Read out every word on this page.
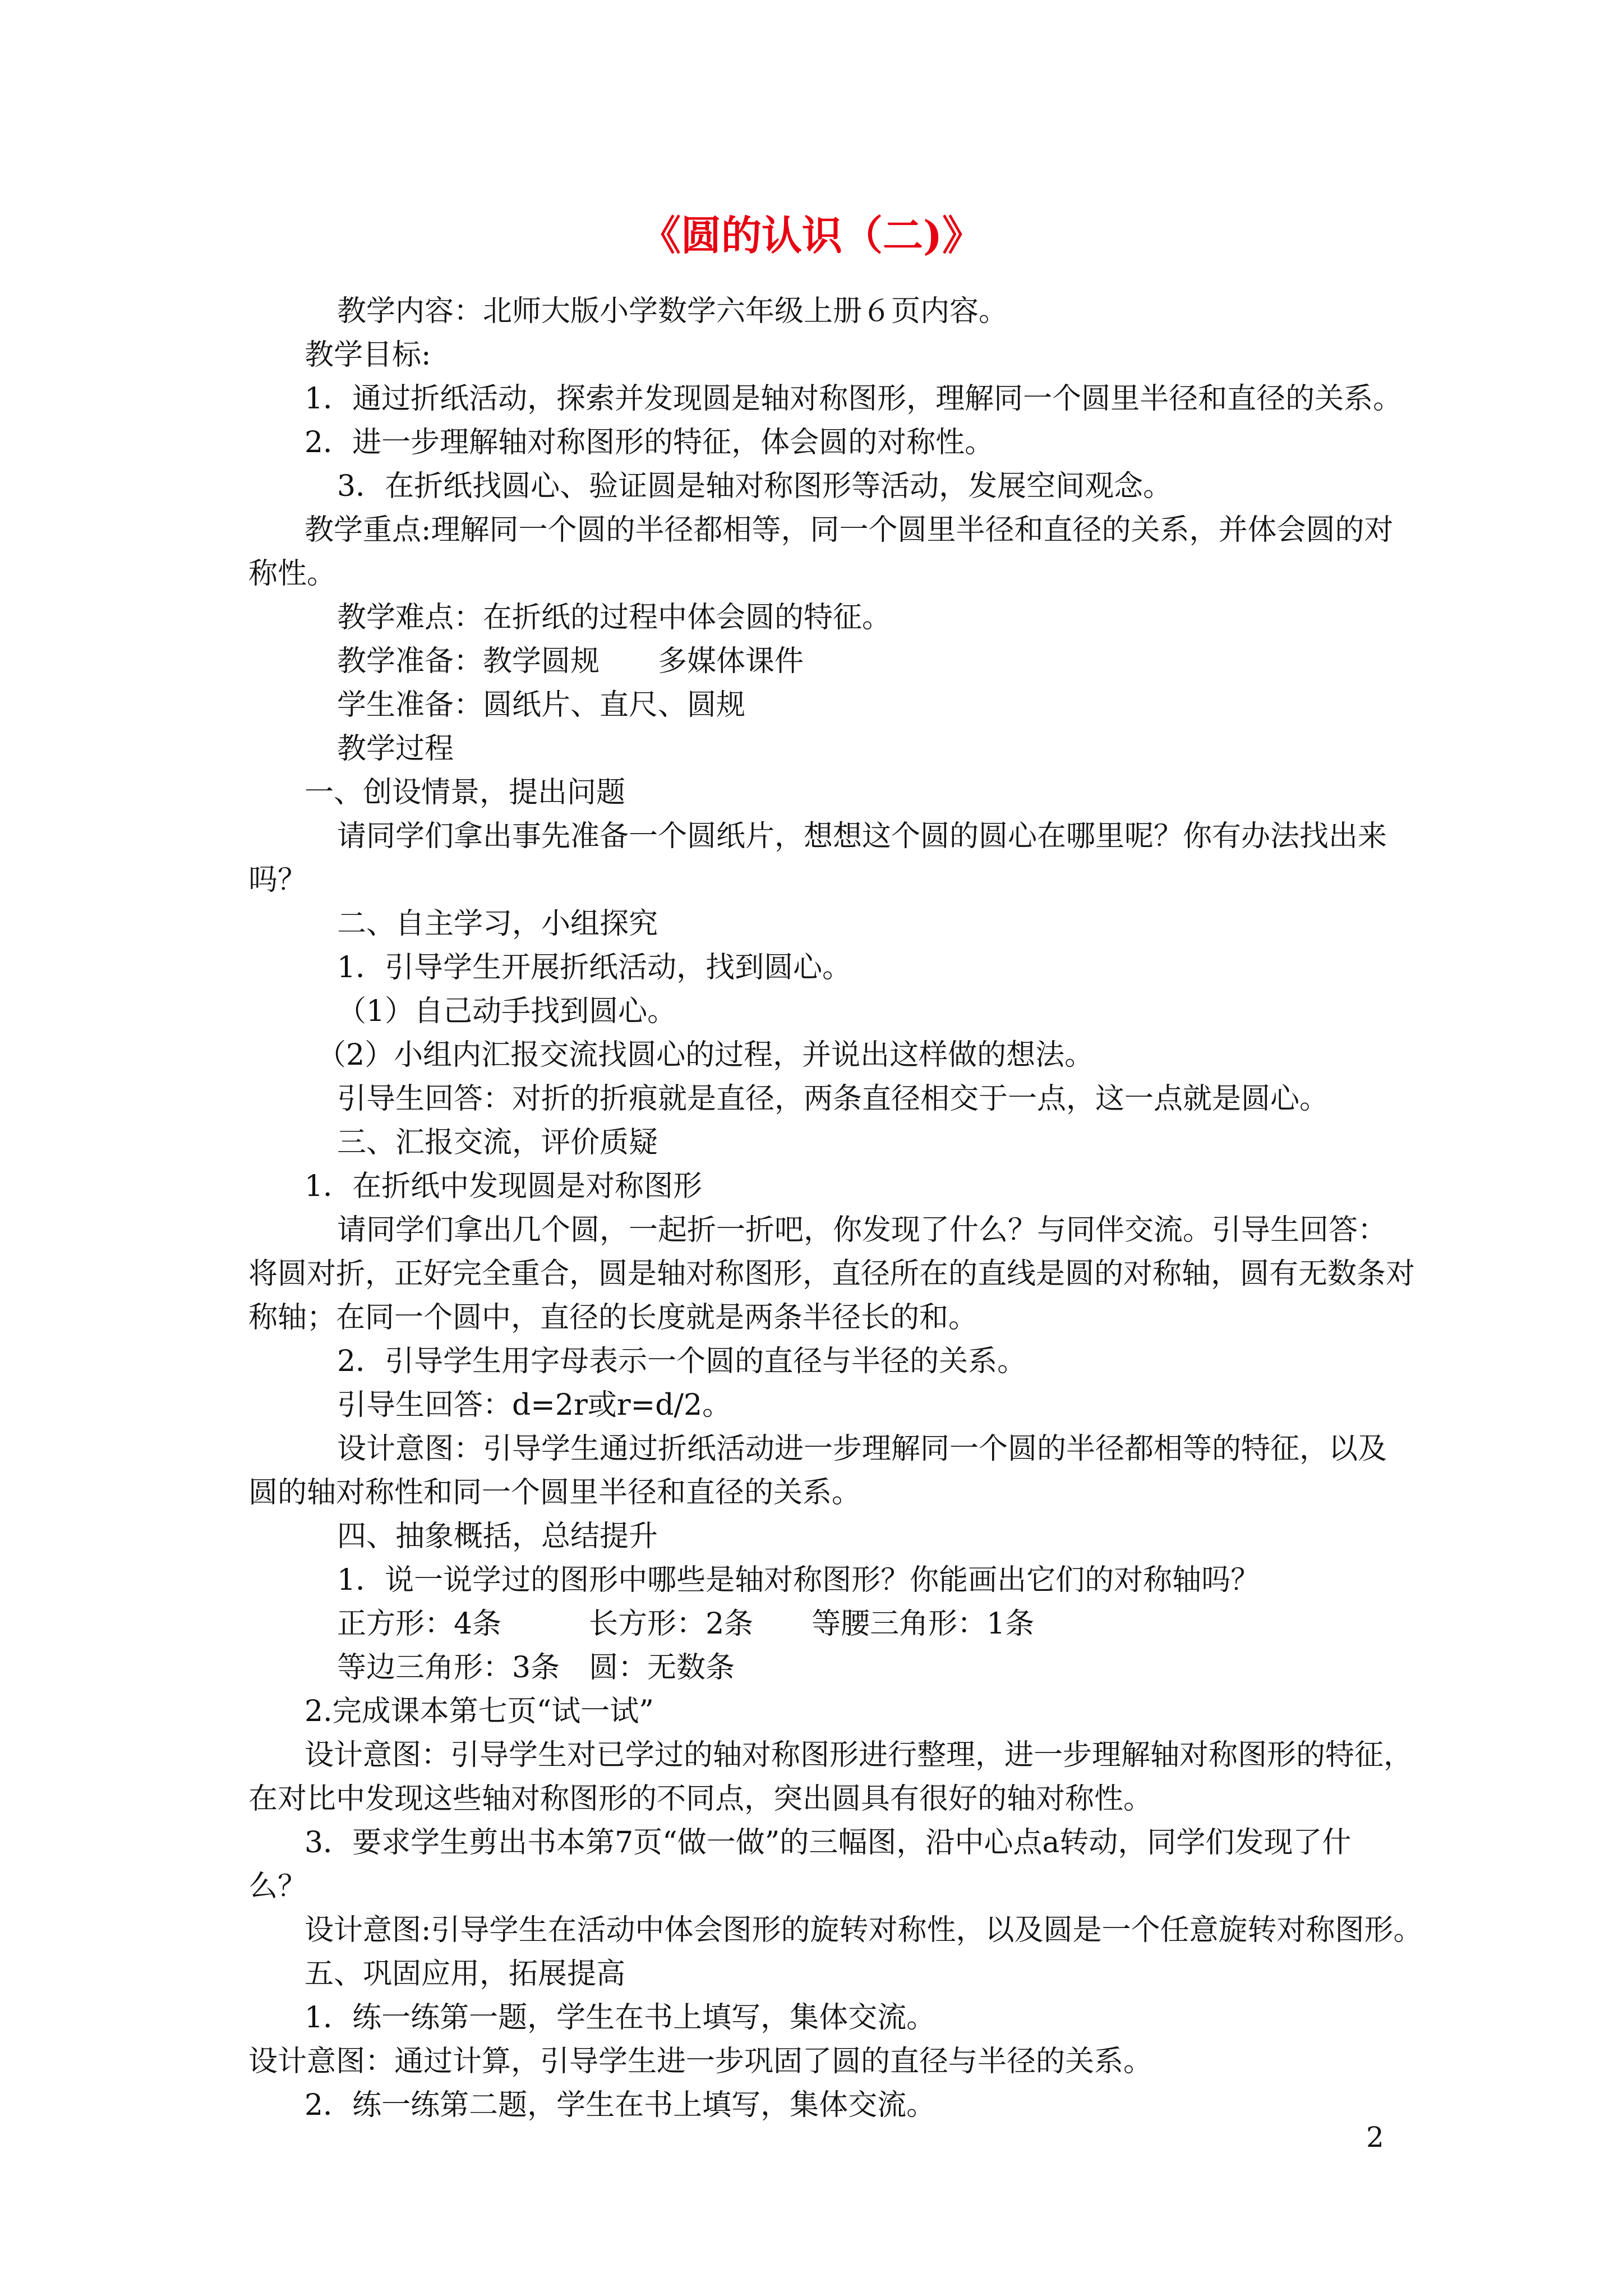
《圆的认识（二)》
教学内容：北师大版小学数学六年级上册６页内容。
教学目标:
1．通过折纸活动，探索并发现圆是轴对称图形，理解同一个圆里半径和直径的关系。
2．进一步理解轴对称图形的特征，体会圆的对称性。
3．在折纸找圆心、验证圆是轴对称图形等活动，发展空间观念。
教学重点:理解同一个圆的半径都相等，同一个圆里半径和直径的关系，并体会圆的对
称性。
教学难点：在折纸的过程中体会圆的特征。
教学准备：教学圆规　　多媒体课件
学生准备：圆纸片、直尺、圆规
教学过程
一、创设情景，提出问题
请同学们拿出事先准备一个圆纸片，想想这个圆的圆心在哪里呢？你有办法找出来
吗？
二、自主学习，小组探究
1．引导学生开展折纸活动，找到圆心。
（1）自己动手找到圆心。
（2）小组内汇报交流找圆心的过程，并说出这样做的想法。
引导生回答：对折的折痕就是直径，两条直径相交于一点，这一点就是圆心。
三、汇报交流，评价质疑
1．在折纸中发现圆是对称图形
请同学们拿出几个圆，一起折一折吧，你发现了什么？与同伴交流。引导生回答：
将圆对折，正好完全重合，圆是轴对称图形，直径所在的直线是圆的对称轴，圆有无数条对
称轴；在同一个圆中，直径的长度就是两条半径长的和。
2．引导学生用字母表示一个圆的直径与半径的关系。
引导生回答：d=2r或r=d/2。
设计意图：引导学生通过折纸活动进一步理解同一个圆的半径都相等的特征，以及
圆的轴对称性和同一个圆里半径和直径的关系。
四、抽象概括，总结提升
1．说一说学过的图形中哪些是轴对称图形？你能画出它们的对称轴吗？
正方形：4条　　　长方形：2条　　等腰三角形：1条
等边三角形：3条　圆：无数条
2.完成课本第七页“试一试”
设计意图：引导学生对已学过的轴对称图形进行整理，进一步理解轴对称图形的特征，
在对比中发现这些轴对称图形的不同点，突出圆具有很好的轴对称性。
3．要求学生剪出书本第7页“做一做”的三幅图，沿中心点a转动，同学们发现了什
么？
设计意图:引导学生在活动中体会图形的旋转对称性，以及圆是一个任意旋转对称图形。
五、巩固应用，拓展提高
1．练一练第一题，学生在书上填写，集体交流。
设计意图：通过计算，引导学生进一步巩固了圆的直径与半径的关系。
2．练一练第二题，学生在书上填写，集体交流。
2
